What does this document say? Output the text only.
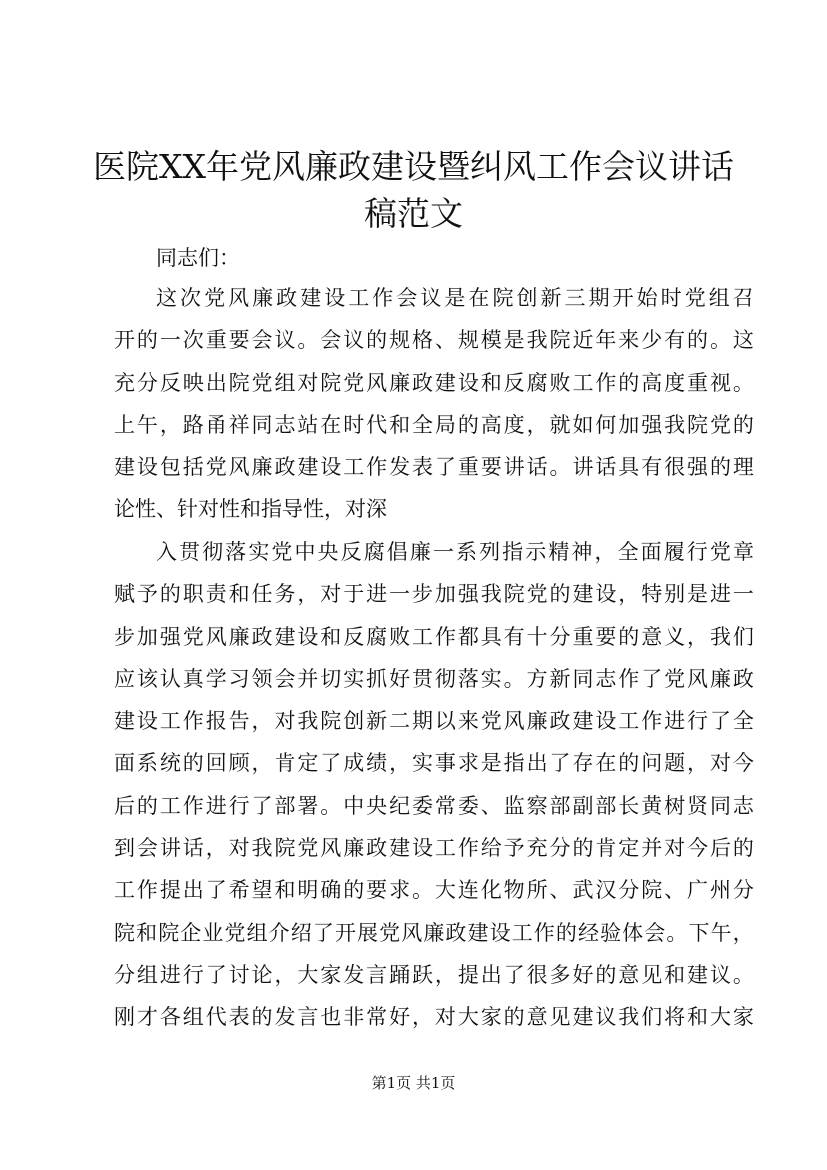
医院XX年党风廉政建设暨纠风工作会议讲话
稿范文
同志们：
这 次 党 风 廉 政 建 设 工 作 会 议 是 在 院 创 新 三 期 开 始 时 党 组 召
开 的 一 次 重 要 会 议 。 会 议 的 规 格 、 规 模 是 我 院 近 年 来 少 有 的 。 这
充 分 反 映 出 院 党 组 对 院 党 风 廉 政 建 设 和 反 腐 败 工 作 的 高 度 重 视 。
上 午 ， 路 甬 祥 同 志 站 在 时 代 和 全 局 的 高 度 ， 就 如 何 加 强 我 院 党 的
建 设 包 括 党 风 廉 政 建 设 工 作 发 表 了 重 要 讲 话 。 讲 话 具 有 很 强 的 理
论 性 、 针 对 性 和 指 导 性 ， 对 深
入 贯 彻 落 实 党 中 央 反 腐 倡 廉 一 系 列 指 示 精 神 ， 全 面 履 行 党 章
赋 予 的 职 责 和 任 务 ， 对 于 进 一 步 加 强 我 院 党 的 建 设 ， 特 别 是 进 一
步 加 强 党 风 廉 政 建 设 和 反 腐 败 工 作 都 具 有 十 分 重 要 的 意 义 ， 我 们
应 该 认 真 学 习 领 会 并 切 实 抓 好 贯 彻 落 实 。 方 新 同 志 作 了 党 风 廉 政
建 设 工 作 报 告 ， 对 我 院 创 新 二 期 以 来 党 风 廉 政 建 设 工 作 进 行 了 全
面 系 统 的 回 顾 ， 肯 定 了 成 绩 ， 实 事 求 是 指 出 了 存 在 的 问 题 ， 对 今
后 的 工 作 进 行 了 部 署 。 中 央 纪 委 常 委 、 监 察 部 副 部 长 黄 树 贤 同 志
到 会 讲 话 ， 对 我 院 党 风 廉 政 建 设 工 作 给 予 充 分 的 肯 定 并 对 今 后 的
工 作 提 出 了 希 望 和 明 确 的 要 求 。 大 连 化 物 所 、 武 汉 分 院 、 广 州 分
院 和 院 企 业 党 组 介 绍 了 开 展 党 风 廉 政 建 设 工 作 的 经 验 体 会 。 下 午 ，
分 组 进 行 了 讨 论 ， 大 家 发 言 踊 跃 ， 提 出 了 很 多 好 的 意 见 和 建 议 。
刚 才 各 组 代 表 的 发 言 也 非 常 好 ， 对 大 家 的 意 见 建 议 我 们 将 和 大 家
第1页 共1页
